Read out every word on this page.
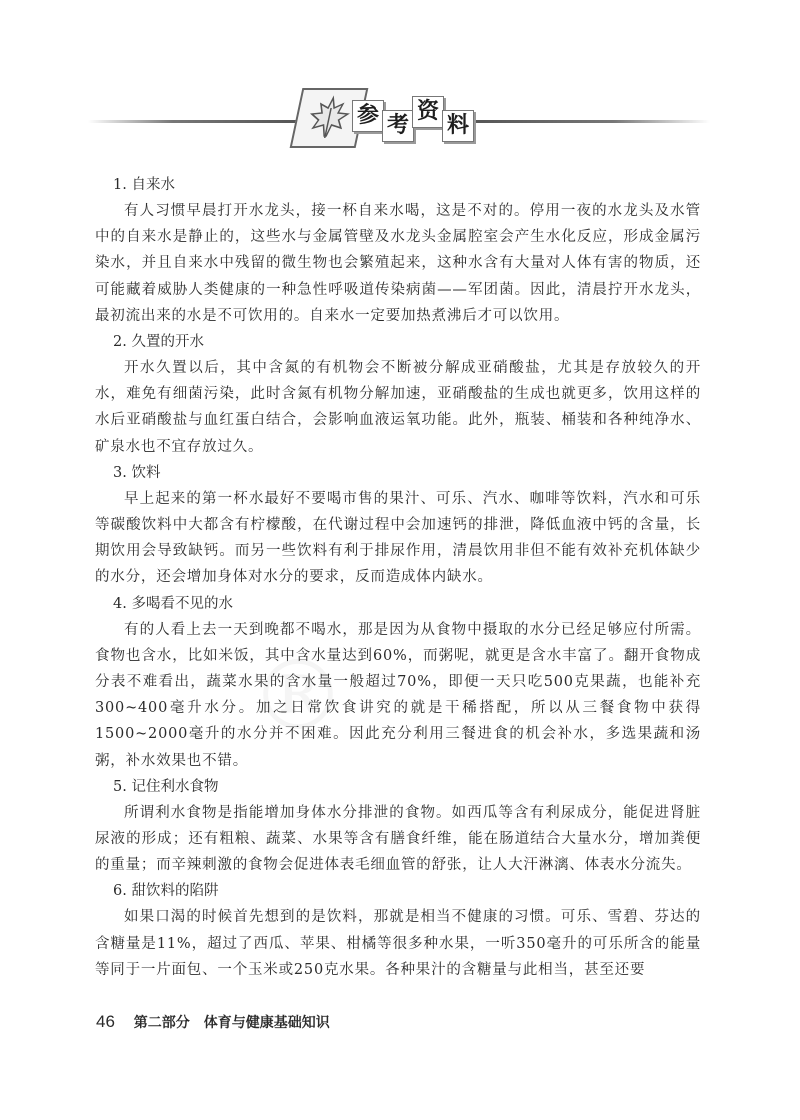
参 考
资
料
®

1. 自来水

有人习惯早晨打开水龙头，接一杯自来水喝，这是不对的。停用一夜的水龙头及水管中的自来水是静止的，这些水与金属管壁及水龙头金属腔室会产生水化反应，形成金属污染水，并且自来水中残留的微生物也会繁殖起来，这种水含有大量对人体有害的物质，还可能藏着威胁人类健康的一种急性呼吸道传染病菌——军团菌。因此，清晨拧开水龙头，最初流出来的水是不可饮用的。自来水一定要加热煮沸后才可以饮用。

2. 久置的开水

开水久置以后，其中含氮的有机物会不断被分解成亚硝酸盐，尤其是存放较久的开水，难免有细菌污染，此时含氮有机物分解加速，亚硝酸盐的生成也就更多，饮用这样的水后亚硝酸盐与血红蛋白结合，会影响血液运氧功能。此外，瓶装、桶装和各种纯净水、矿泉水也不宜存放过久。

3. 饮料

早上起来的第一杯水最好不要喝市售的果汁、可乐、汽水、咖啡等饮料，汽水和可乐等碳酸饮料中大都含有柠檬酸，在代谢过程中会加速钙的排泄，降低血液中钙的含量，长期饮用会导致缺钙。而另一些饮料有利于排尿作用，清晨饮用非但不能有效补充机体缺少的水分，还会增加身体对水分的要求，反而造成体内缺水。

4. 多喝看不见的水

有的人看上去一天到晚都不喝水，那是因为从食物中摄取的水分已经足够应付所需。食物也含水，比如米饭，其中含水量达到60%，而粥呢，就更是含水丰富了。翻开食物成分表不难看出，蔬菜水果的含水量一般超过70%，即便一天只吃500克果蔬，也能补充300~400毫升水分。加之日常饮食讲究的就是干稀搭配，所以从三餐食物中获得1500~2000毫升的水分并不困难。因此充分利用三餐进食的机会补水，多选果蔬和汤粥，补水效果也不错。

5. 记住利水食物

所谓利水食物是指能增加身体水分排泄的食物。如西瓜等含有利尿成分，能促进肾脏尿液的形成；还有粗粮、蔬菜、水果等含有膳食纤维，能在肠道结合大量水分，增加粪便的重量；而辛辣刺激的食物会促进体表毛细血管的舒张，让人大汗淋漓、体表水分流失。

6. 甜饮料的陷阱

如果口渴的时候首先想到的是饮料，那就是相当不健康的习惯。可乐、雪碧、芬达的含糖量是11%，超过了西瓜、苹果、柑橘等很多种水果，一听350毫升的可乐所含的能量等同于一片面包、一个玉米或250克水果。各种果汁的含糖量与此相当，甚至还要

46 第二部分　体育与健康基础知识
